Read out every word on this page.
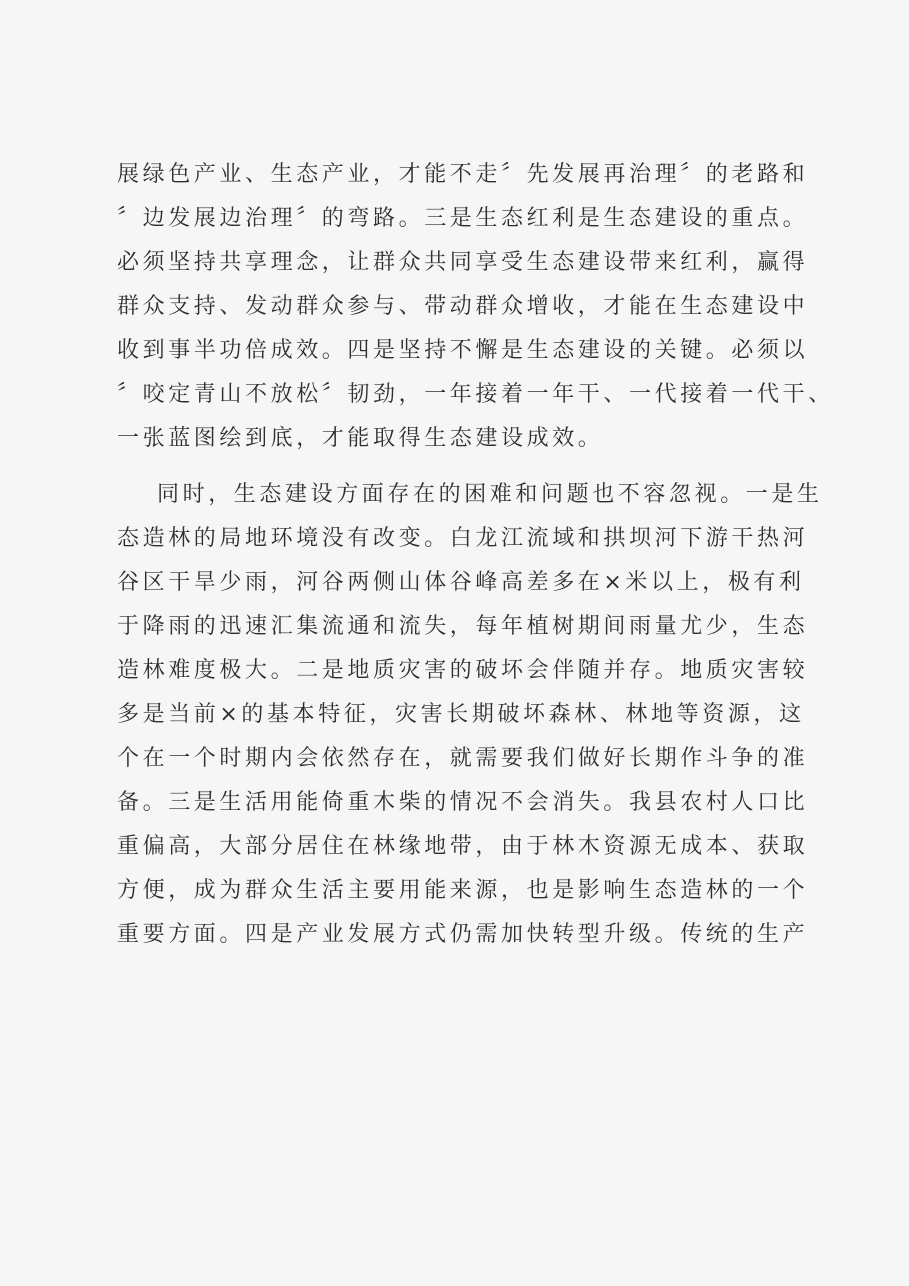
展绿色产业、生态产业，才能不走〞先发展再治理〞的老路和
〞边发展边治理〞的弯路。三是生态红利是生态建设的重点。
必须坚持共享理念，让群众共同享受生态建设带来红利，赢得
群众支持、发动群众参与、带动群众增收，才能在生态建设中
收到事半功倍成效。四是坚持不懈是生态建设的关键。必须以
〞咬定青山不放松〞韧劲，一年接着一年干、一代接着一代干、
一张蓝图绘到底，才能取得生态建设成效。
同时，生态建设方面存在的困难和问题也不容忽视。一是生
态造林的局地环境没有改变。白龙江流域和拱坝河下游干热河
谷区干旱少雨，河谷两侧山体谷峰高差多在×米以上，极有利
于降雨的迅速汇集流通和流失，每年植树期间雨量尤少，生态
造林难度极大。二是地质灾害的破坏会伴随并存。地质灾害较
多是当前×的基本特征，灾害长期破坏森林、林地等资源，这
个在一个时期内会依然存在，就需要我们做好长期作斗争的准
备。三是生活用能倚重木柴的情况不会消失。我县农村人口比
重偏高，大部分居住在林缘地带，由于林木资源无成本、获取
方便，成为群众生活主要用能来源，也是影响生态造林的一个
重要方面。四是产业发展方式仍需加快转型升级。传统的生产
